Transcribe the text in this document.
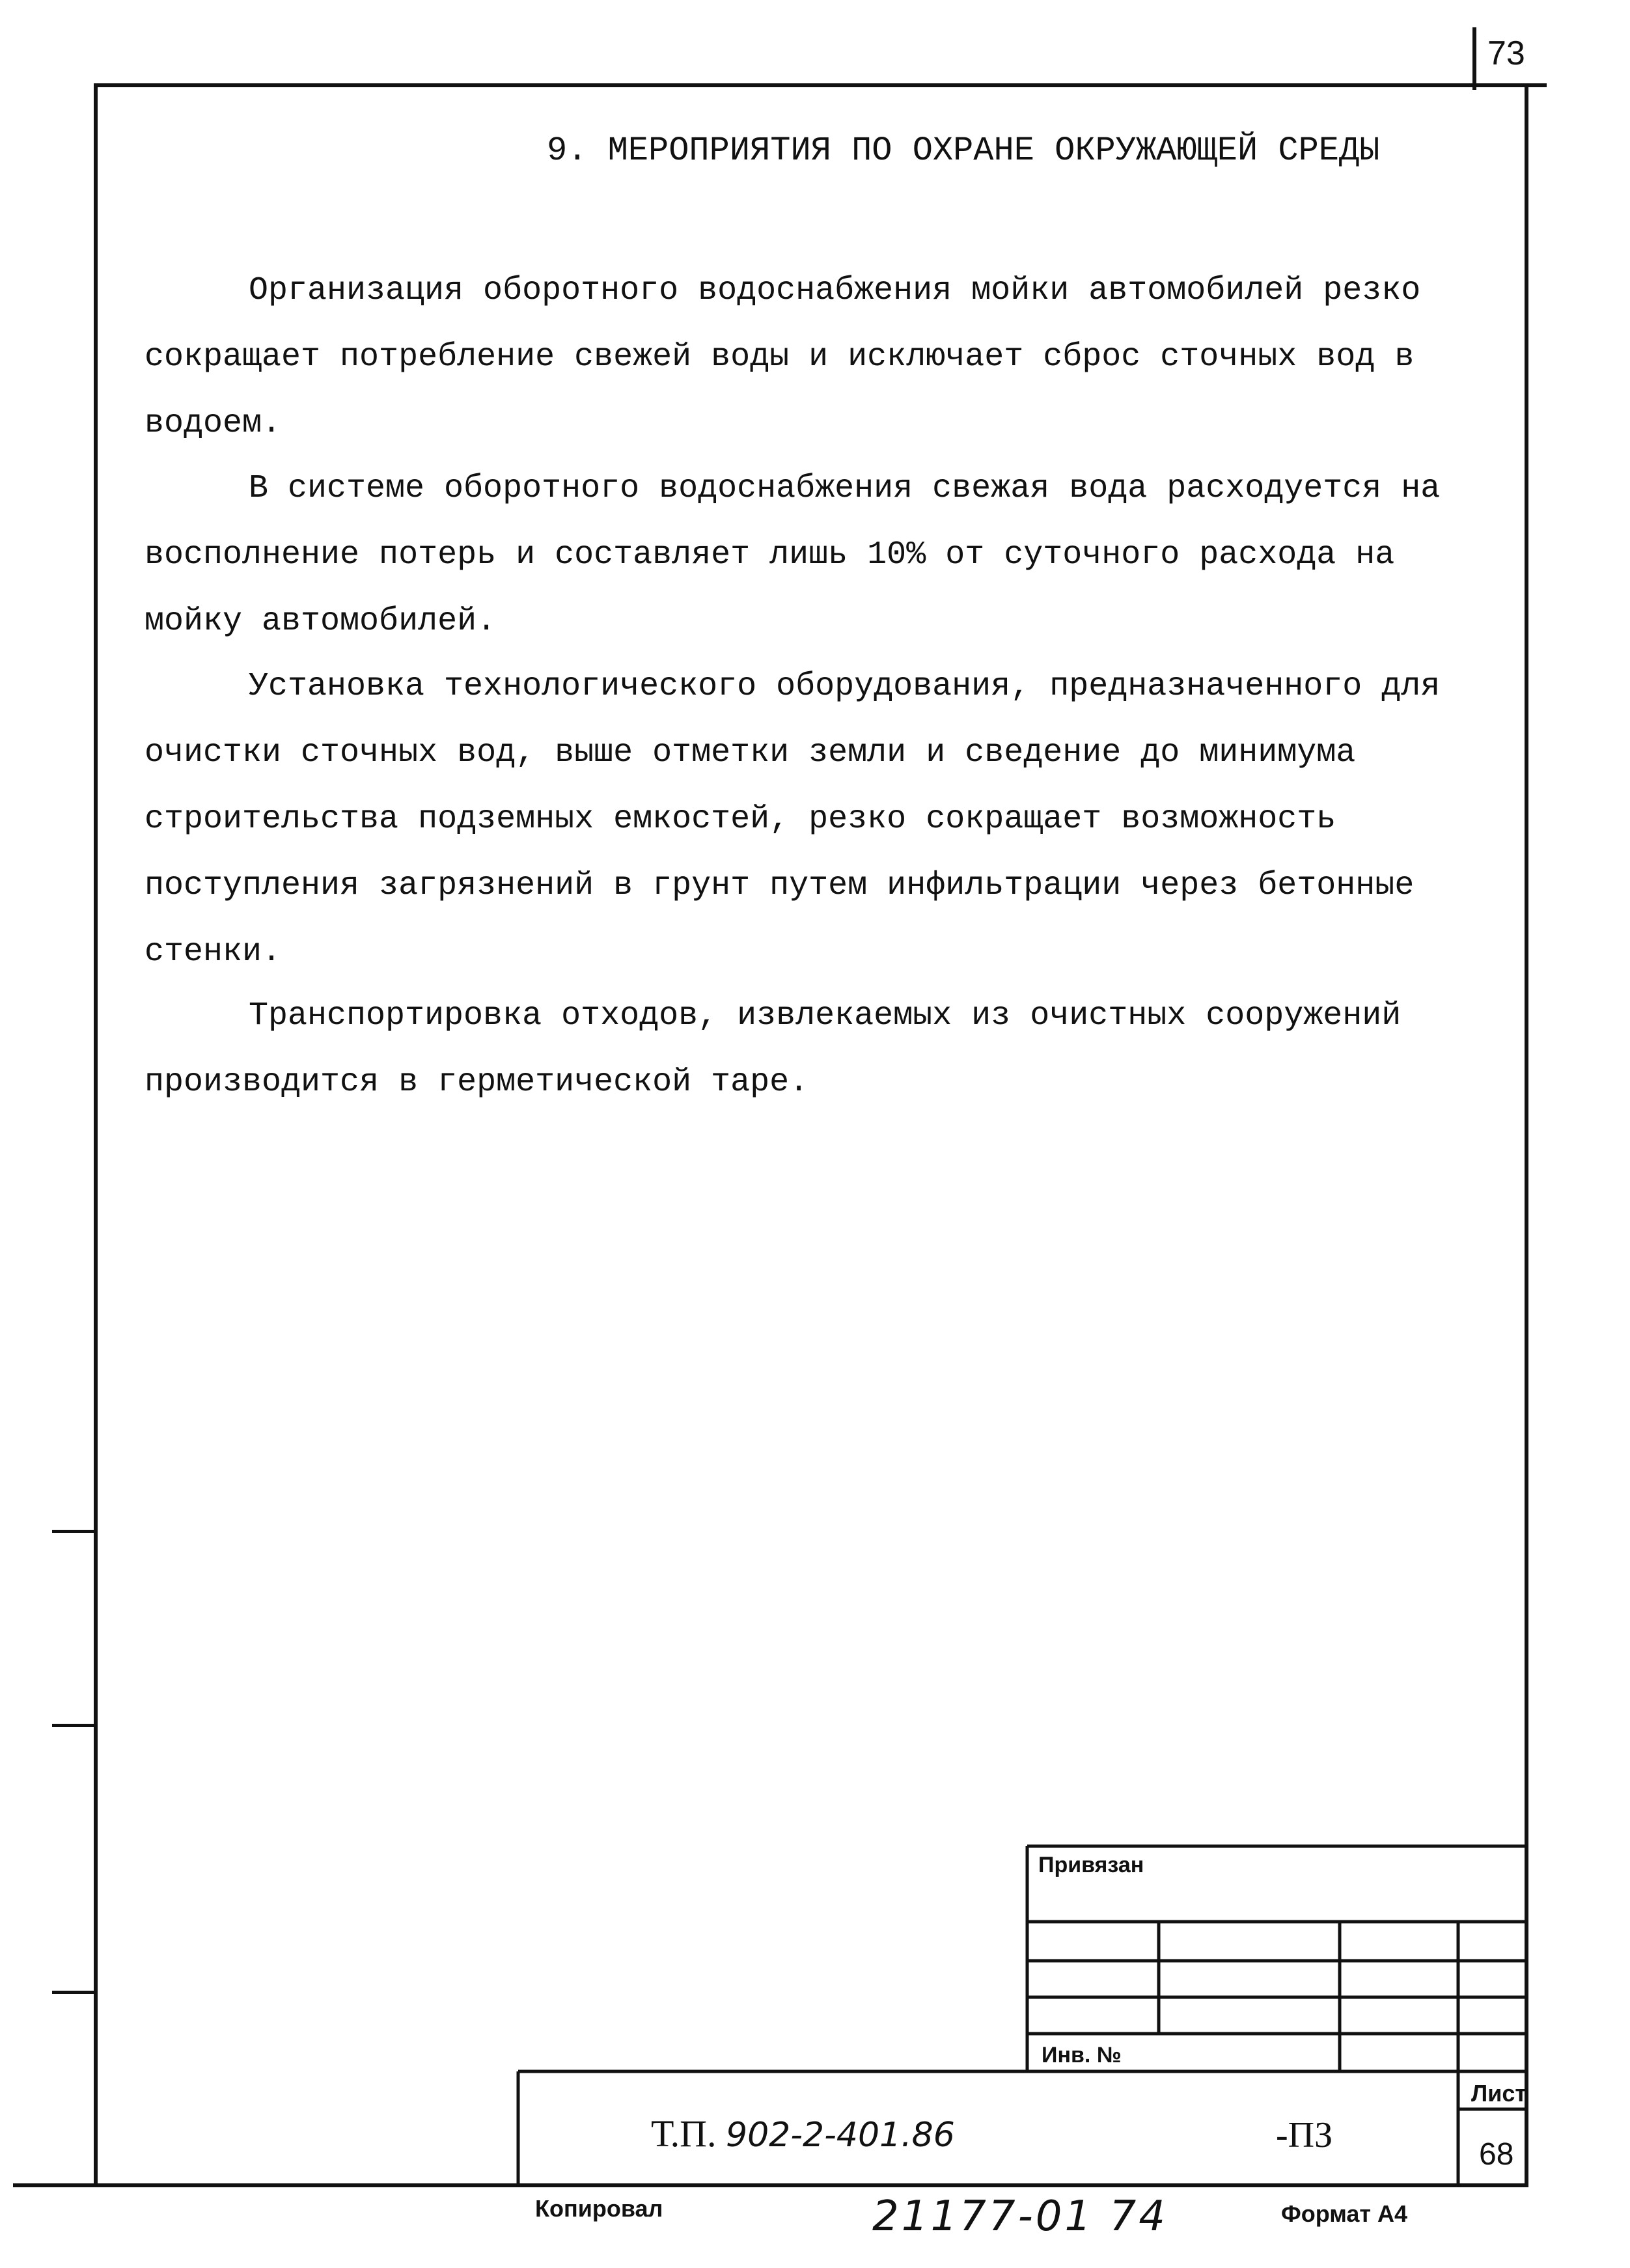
73
9. МЕРОПРИЯТИЯ ПО ОХРАНЕ ОКРУЖАЮЩЕЙ СРЕДЫ

Организация оборотного водоснабжения мойки автомобилей резко сокращает потребление свежей воды и исключает сброс сточных вод в водоем.

В системе оборотного водоснабжения свежая вода расходуется на восполнение потерь и составляет лишь 10% от суточного расхода на мойку автомобилей.

Установка технологического оборудования, предназначенного для очистки сточных вод, выше отметки земли и сведение до минимума строительства подземных емкостей, резко сокращает возможность поступления загрязнений в грунт путем инфильтрации через бетонные стенки.

Транспортировка отходов, извлекаемых из очистных сооружений производится в герметической таре.

Привязан
Инв. №
Т.П. 902-2-401.86	-ПЗ
Лист
68
Копировал	21177-01 74	Формат А4
